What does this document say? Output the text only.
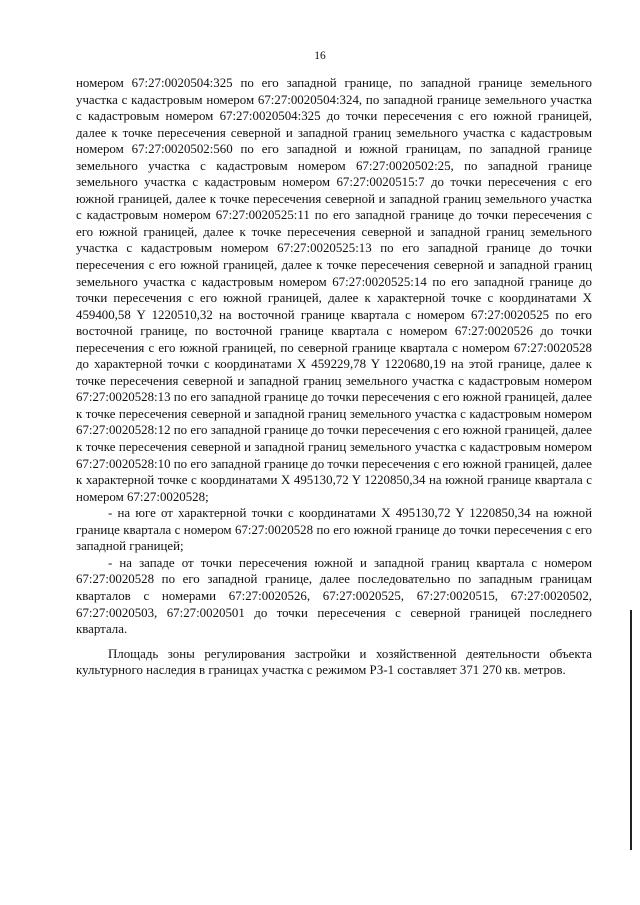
16

номером 67:27:0020504:325 по его западной границе, по западной границе земельного участка с кадастровым номером 67:27:0020504:324, по западной границе земельного участка с кадастровым номером 67:27:0020504:325 до точки пересечения с его южной границей, далее к точке пересечения северной и западной границ земельного участка с кадастровым номером 67:27:0020502:560 по его западной и южной границам, по западной границе земельного участка с кадастровым номером 67:27:0020502:25, по западной границе земельного участка с кадастровым номером 67:27:0020515:7 до точки пересечения с его южной границей, далее к точке пересечения северной и западной границ земельного участка с кадастровым номером 67:27:0020525:11 по его западной границе до точки пересечения с его южной границей, далее к точке пересечения северной и западной границ земельного участка с кадастровым номером 67:27:0020525:13 по его западной границе до точки пересечения с его южной границей, далее к точке пересечения северной и западной границ земельного участка с кадастровым номером 67:27:0020525:14 по его западной границе до точки пересечения с его южной границей, далее к характерной точке с координатами X 459400,58 Y 1220510,32 на восточной границе квартала с номером 67:27:0020525 по его восточной границе, по восточной границе квартала с номером 67:27:0020526 до точки пересечения с его южной границей, по северной границе квартала с номером 67:27:0020528 до характерной точки с координатами X 459229,78 Y 1220680,19 на этой границе, далее к точке пересечения северной и западной границ земельного участка с кадастровым номером 67:27:0020528:13 по его западной границе до точки пересечения с его южной границей, далее к точке пересечения северной и западной границ земельного участка с кадастровым номером 67:27:0020528:12 по его западной границе до точки пересечения с его южной границей, далее к точке пересечения северной и западной границ земельного участка с кадастровым номером 67:27:0020528:10 по его западной границе до точки пересечения с его южной границей, далее к характерной точке с координатами X 495130,72 Y 1220850,34 на южной границе квартала с номером 67:27:0020528;

- на юге от характерной точки с координатами X 495130,72 Y 1220850,34 на южной границе квартала с номером 67:27:0020528 по его южной границе до точки пересечения с его западной границей;

- на западе от точки пересечения южной и западной границ квартала с номером 67:27:0020528 по его западной границе, далее последовательно по западным границам кварталов с номерами 67:27:0020526, 67:27:0020525, 67:27:0020515, 67:27:0020502, 67:27:0020503, 67:27:0020501 до точки пересечения с северной границей последнего квартала.

Площадь зоны регулирования застройки и хозяйственной деятельности объекта культурного наследия в границах участка с режимом РЗ-1 составляет 371 270 кв. метров.
